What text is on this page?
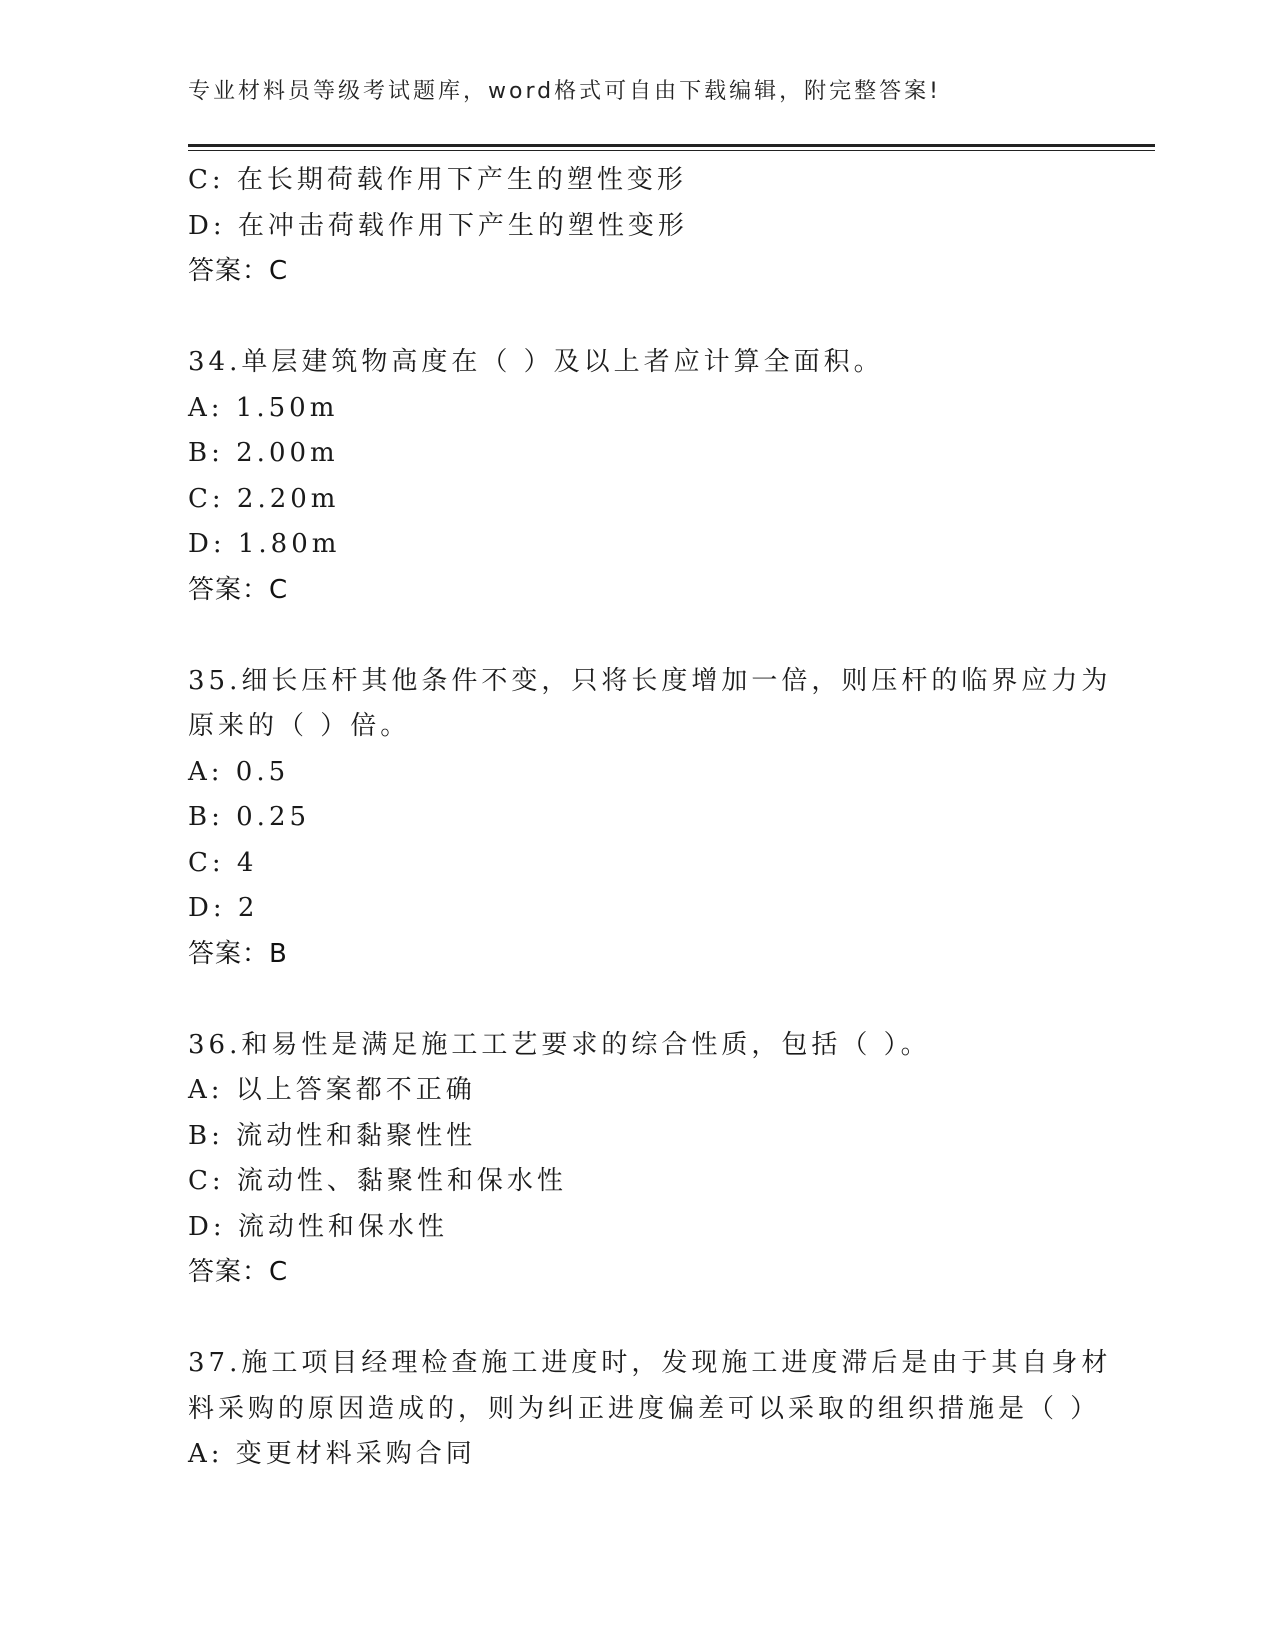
专业材料员等级考试题库，word格式可自由下载编辑，附完整答案!
C: 在长期荷载作用下产生的塑性变形
D: 在冲击荷载作用下产生的塑性变形
答案：C
34.单层建筑物高度在（ ）及以上者应计算全面积。
A: 1.50m
B: 2.00m
C: 2.20m
D: 1.80m
答案：C
35.细长压杆其他条件不变，只将长度增加一倍，则压杆的临界应力为
原来的（ ）倍。
A: 0.5
B: 0.25
C: 4
D: 2
答案：B
36.和易性是满足施工工艺要求的综合性质，包括（ ）。
A: 以上答案都不正确
B: 流动性和黏聚性性
C: 流动性、黏聚性和保水性
D: 流动性和保水性
答案：C
37.施工项目经理检查施工进度时，发现施工进度滞后是由于其自身材
料采购的原因造成的，则为纠正进度偏差可以采取的组织措施是（ ）
A: 变更材料采购合同
